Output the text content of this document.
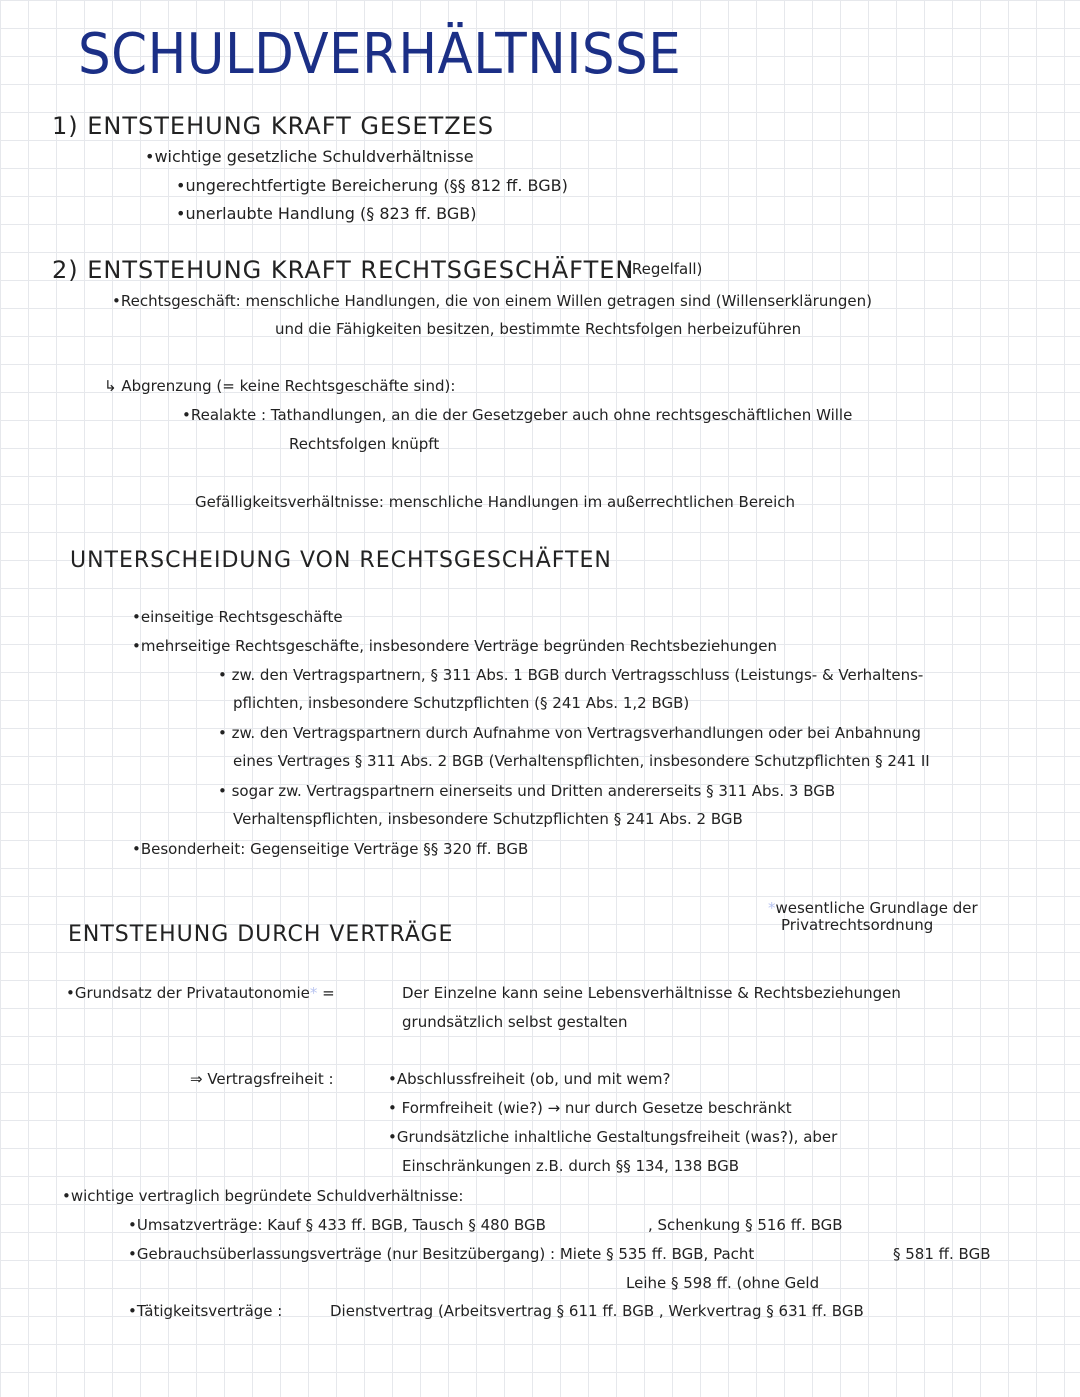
SCHULDVERHÄLTNISSE
1) ENTSTEHUNG KRAFT GESETZES
•wichtige gesetzliche Schuldverhältnisse
•ungerechtfertigte Bereicherung (§§ 812 ff. BGB)
•unerlaubte Handlung (§ 823 ff. BGB)
2) ENTSTEHUNG KRAFT RECHTSGESCHÄFTEN
(Regelfall)
•Rechtsgeschäft: menschliche Handlungen, die von einem Willen getragen sind (Willenserklärungen)
und die Fähigkeiten besitzen, bestimmte Rechtsfolgen herbeizuführen
↳ Abgrenzung (= keine Rechtsgeschäfte sind):
•Realakte : Tathandlungen, an die der Gesetzgeber auch ohne rechtsgeschäftlichen Wille
Rechtsfolgen knüpft
Gefälligkeitsverhältnisse: menschliche Handlungen im außerrechtlichen Bereich
UNTERSCHEIDUNG VON RECHTSGESCHÄFTEN
•einseitige Rechtsgeschäfte
•mehrseitige Rechtsgeschäfte, insbesondere Verträge begründen Rechtsbeziehungen
• zw. den Vertragspartnern, § 311 Abs. 1 BGB durch Vertragsschluss (Leistungs- & Verhaltens-
pflichten, insbesondere Schutzpflichten (§ 241 Abs. 1,2 BGB)
• zw. den Vertragspartnern durch Aufnahme von Vertragsverhandlungen oder bei Anbahnung
eines Vertrages § 311 Abs. 2 BGB (Verhaltenspflichten, insbesondere Schutzpflichten § 241 II
• sogar zw. Vertragspartnern einerseits und Dritten andererseits § 311 Abs. 3 BGB
Verhaltenspflichten, insbesondere Schutzpflichten § 241 Abs. 2 BGB
•Besonderheit: Gegenseitige Verträge §§ 320 ff. BGB
ENTSTEHUNG DURCH VERTRÄGE
*wesentliche Grundlage der
Privatrechtsordnung
•Grundsatz der Privatautonomie* =	Der Einzelne kann seine Lebensverhältnisse & Rechtsbeziehungen
grundsätzlich selbst gestalten
⇒ Vertragsfreiheit :	•Abschlussfreiheit (ob, und mit wem?
• Formfreiheit (wie?) → nur durch Gesetze beschränkt
•Grundsätzliche inhaltliche Gestaltungsfreiheit (was?), aber
Einschränkungen z.B. durch §§ 134, 138 BGB
•wichtige vertraglich begründete Schuldverhältnisse:
•Umsatzverträge: Kauf § 433 ff. BGB, Tausch § 480 BGB	, Schenkung § 516 ff. BGB
•Gebrauchsüberlassungsverträge (nur Besitzübergang) : Miete § 535 ff. BGB, Pacht	§ 581 ff. BGB
Leihe § 598 ff. (ohne Geld
•Tätigkeitsverträge :	Dienstvertrag (Arbeitsvertrag § 611 ff. BGB , Werkvertrag § 631 ff. BGB
